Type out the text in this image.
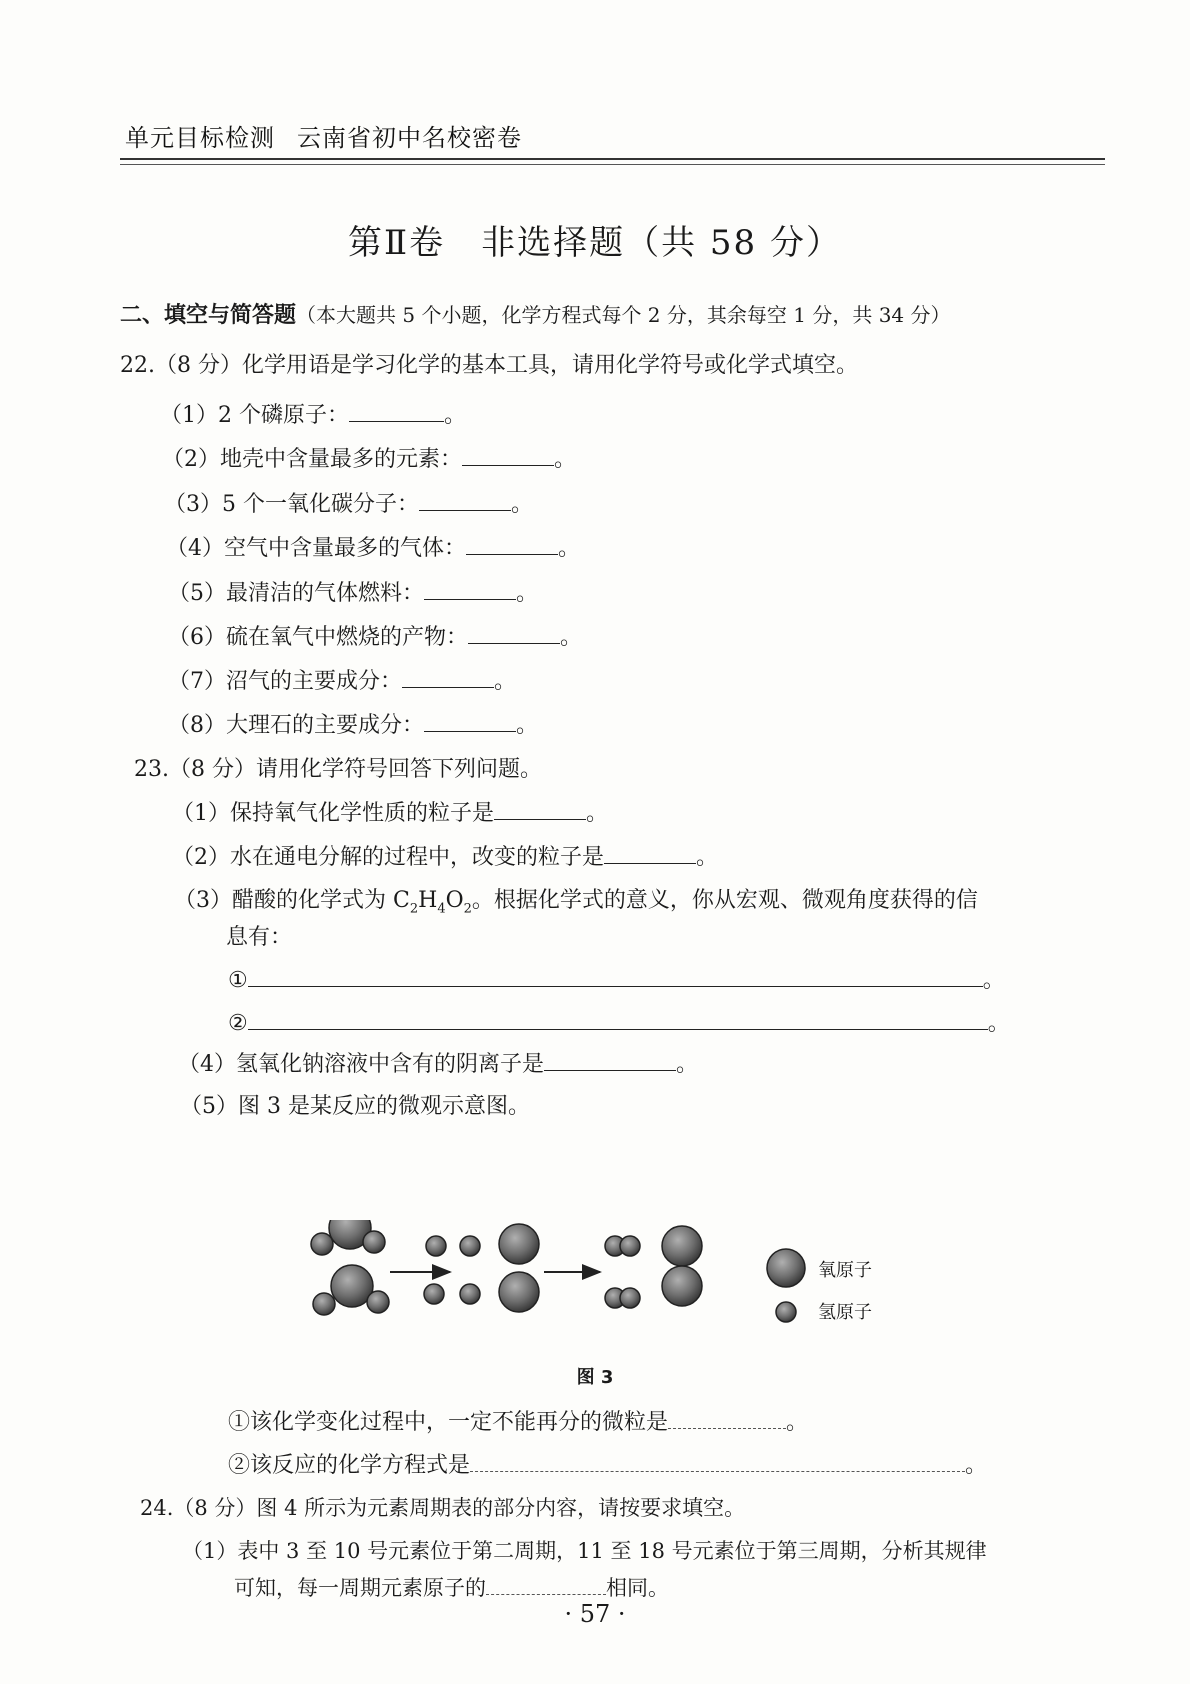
单元目标检测 云南省初中名校密卷
第Ⅱ卷　非选择题（共 58 分）
二、填空与简答题（本大题共 5 个小题，化学方程式每个 2 分，其余每空 1 分，共 34 分）
22.（8 分）化学用语是学习化学的基本工具，请用化学符号或化学式填空。
（1）2 个磷原子：	。
（2）地壳中含量最多的元素：	。
（3）5 个一氧化碳分子：	。
（4）空气中含量最多的气体：	。
（5）最清洁的气体燃料：	。
（6）硫在氧气中燃烧的产物：	。
（7）沼气的主要成分：	。
（8）大理石的主要成分：	。
23.（8 分）请用化学符号回答下列问题。
（1）保持氧气化学性质的粒子是	。
（2）水在通电分解的过程中，改变的粒子是	。
（3）醋酸的化学式为 $C_2H_4O_2$。根据化学式的意义，你从宏观、微观角度获得的信
息有：
①	。
②	。
（4）氢氧化钠溶液中含有的阴离子是	。
（5）图 3 是某反应的微观示意图。
氧原子
氢原子
图 3
①该化学变化过程中，一定不能再分的微粒是	。
②该反应的化学方程式是	。
24.（8 分）图 4 所示为元素周期表的部分内容，请按要求填空。
（1）表中 3 至 10 号元素位于第二周期，11 至 18 号元素位于第三周期，分析其规律
可知，每一周期元素原子的	相同。
· 57 ·
